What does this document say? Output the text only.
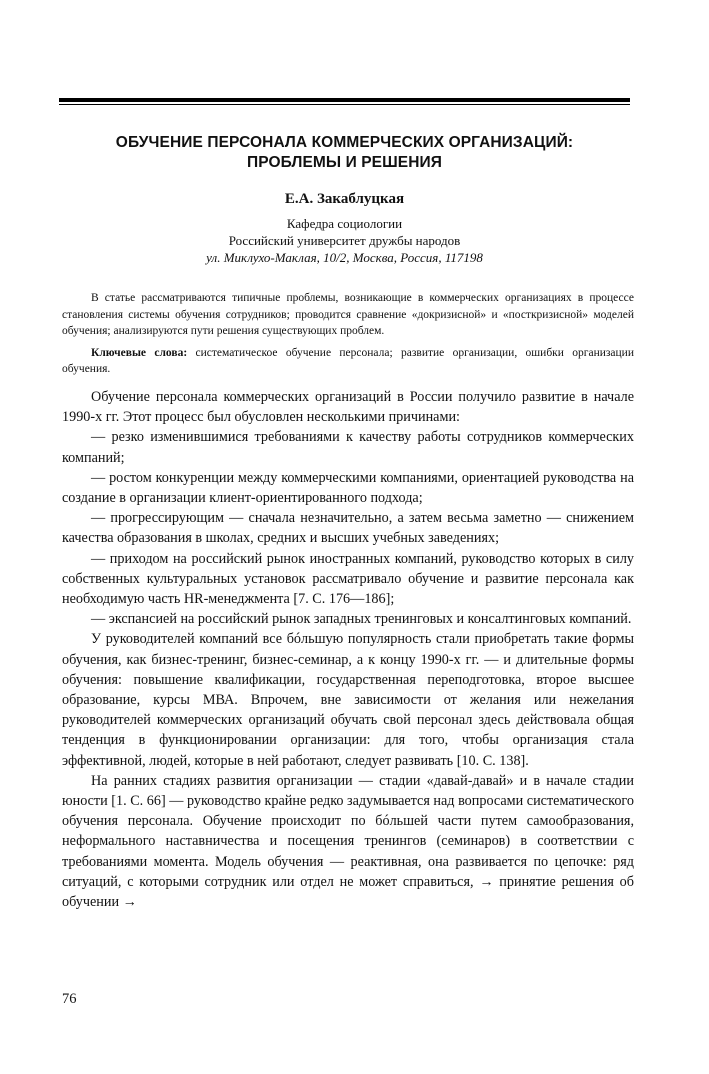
ОБУЧЕНИЕ ПЕРСОНАЛА КОММЕРЧЕСКИХ ОРГАНИЗАЦИЙ:
ПРОБЛЕМЫ И РЕШЕНИЯ
Е.А. Закаблуцкая
Кафедра социологии
Российский университет дружбы народов
ул. Миклухо-Маклая, 10/2, Москва, Россия, 117198

В статье рассматриваются типичные проблемы, возникающие в коммерческих организациях в процессе становления системы обучения сотрудников; проводится сравнение «докризисной» и «посткризисной» моделей обучения; анализируются пути решения существующих проблем.

Ключевые слова: систематическое обучение персонала; развитие организации, ошибки организации обучения.

Обучение персонала коммерческих организаций в России получило развитие в начале 1990-х гг. Этот процесс был обусловлен несколькими причинами:

— резко изменившимися требованиями к качеству работы сотрудников коммерческих компаний;

— ростом конкуренции между коммерческими компаниями, ориентацией руководства на создание в организации клиент-ориентированного подхода;

— прогрессирующим — сначала незначительно, а затем весьма заметно — снижением качества образования в школах, средних и высших учебных заведениях;

— приходом на российский рынок иностранных компаний, руководство которых в силу собственных культуральных установок рассматривало обучение и развитие персонала как необходимую часть HR-менеджмента [7. С. 176—186];

— экспансией на российский рынок западных тренинговых и консалтинговых компаний.

У руководителей компаний все бóльшую популярность стали приобретать такие формы обучения, как бизнес-тренинг, бизнес-семинар, а к концу 1990-х гг. — и длительные формы обучения: повышение квалификации, государственная переподготовка, второе высшее образование, курсы МВА. Впрочем, вне зависимости от желания или нежелания руководителей коммерческих организаций обучать свой персонал здесь действовала общая тенденция в функционировании организации: для того, чтобы организация стала эффективной, людей, которые в ней работают, следует развивать [10. С. 138].

На ранних стадиях развития организации — стадии «давай-давай» и в начале стадии юности [1. С. 66] — руководство крайне редко задумывается над вопросами систематического обучения персонала. Обучение происходит по бóльшей части путем самообразования, неформального наставничества и посещения тренингов (семинаров) в соответствии с требованиями момента. Модель обучения — реактивная, она развивается по цепочке: ряд ситуаций, с которыми сотрудник или отдел не может справиться, → принятие решения об обучении →

76
